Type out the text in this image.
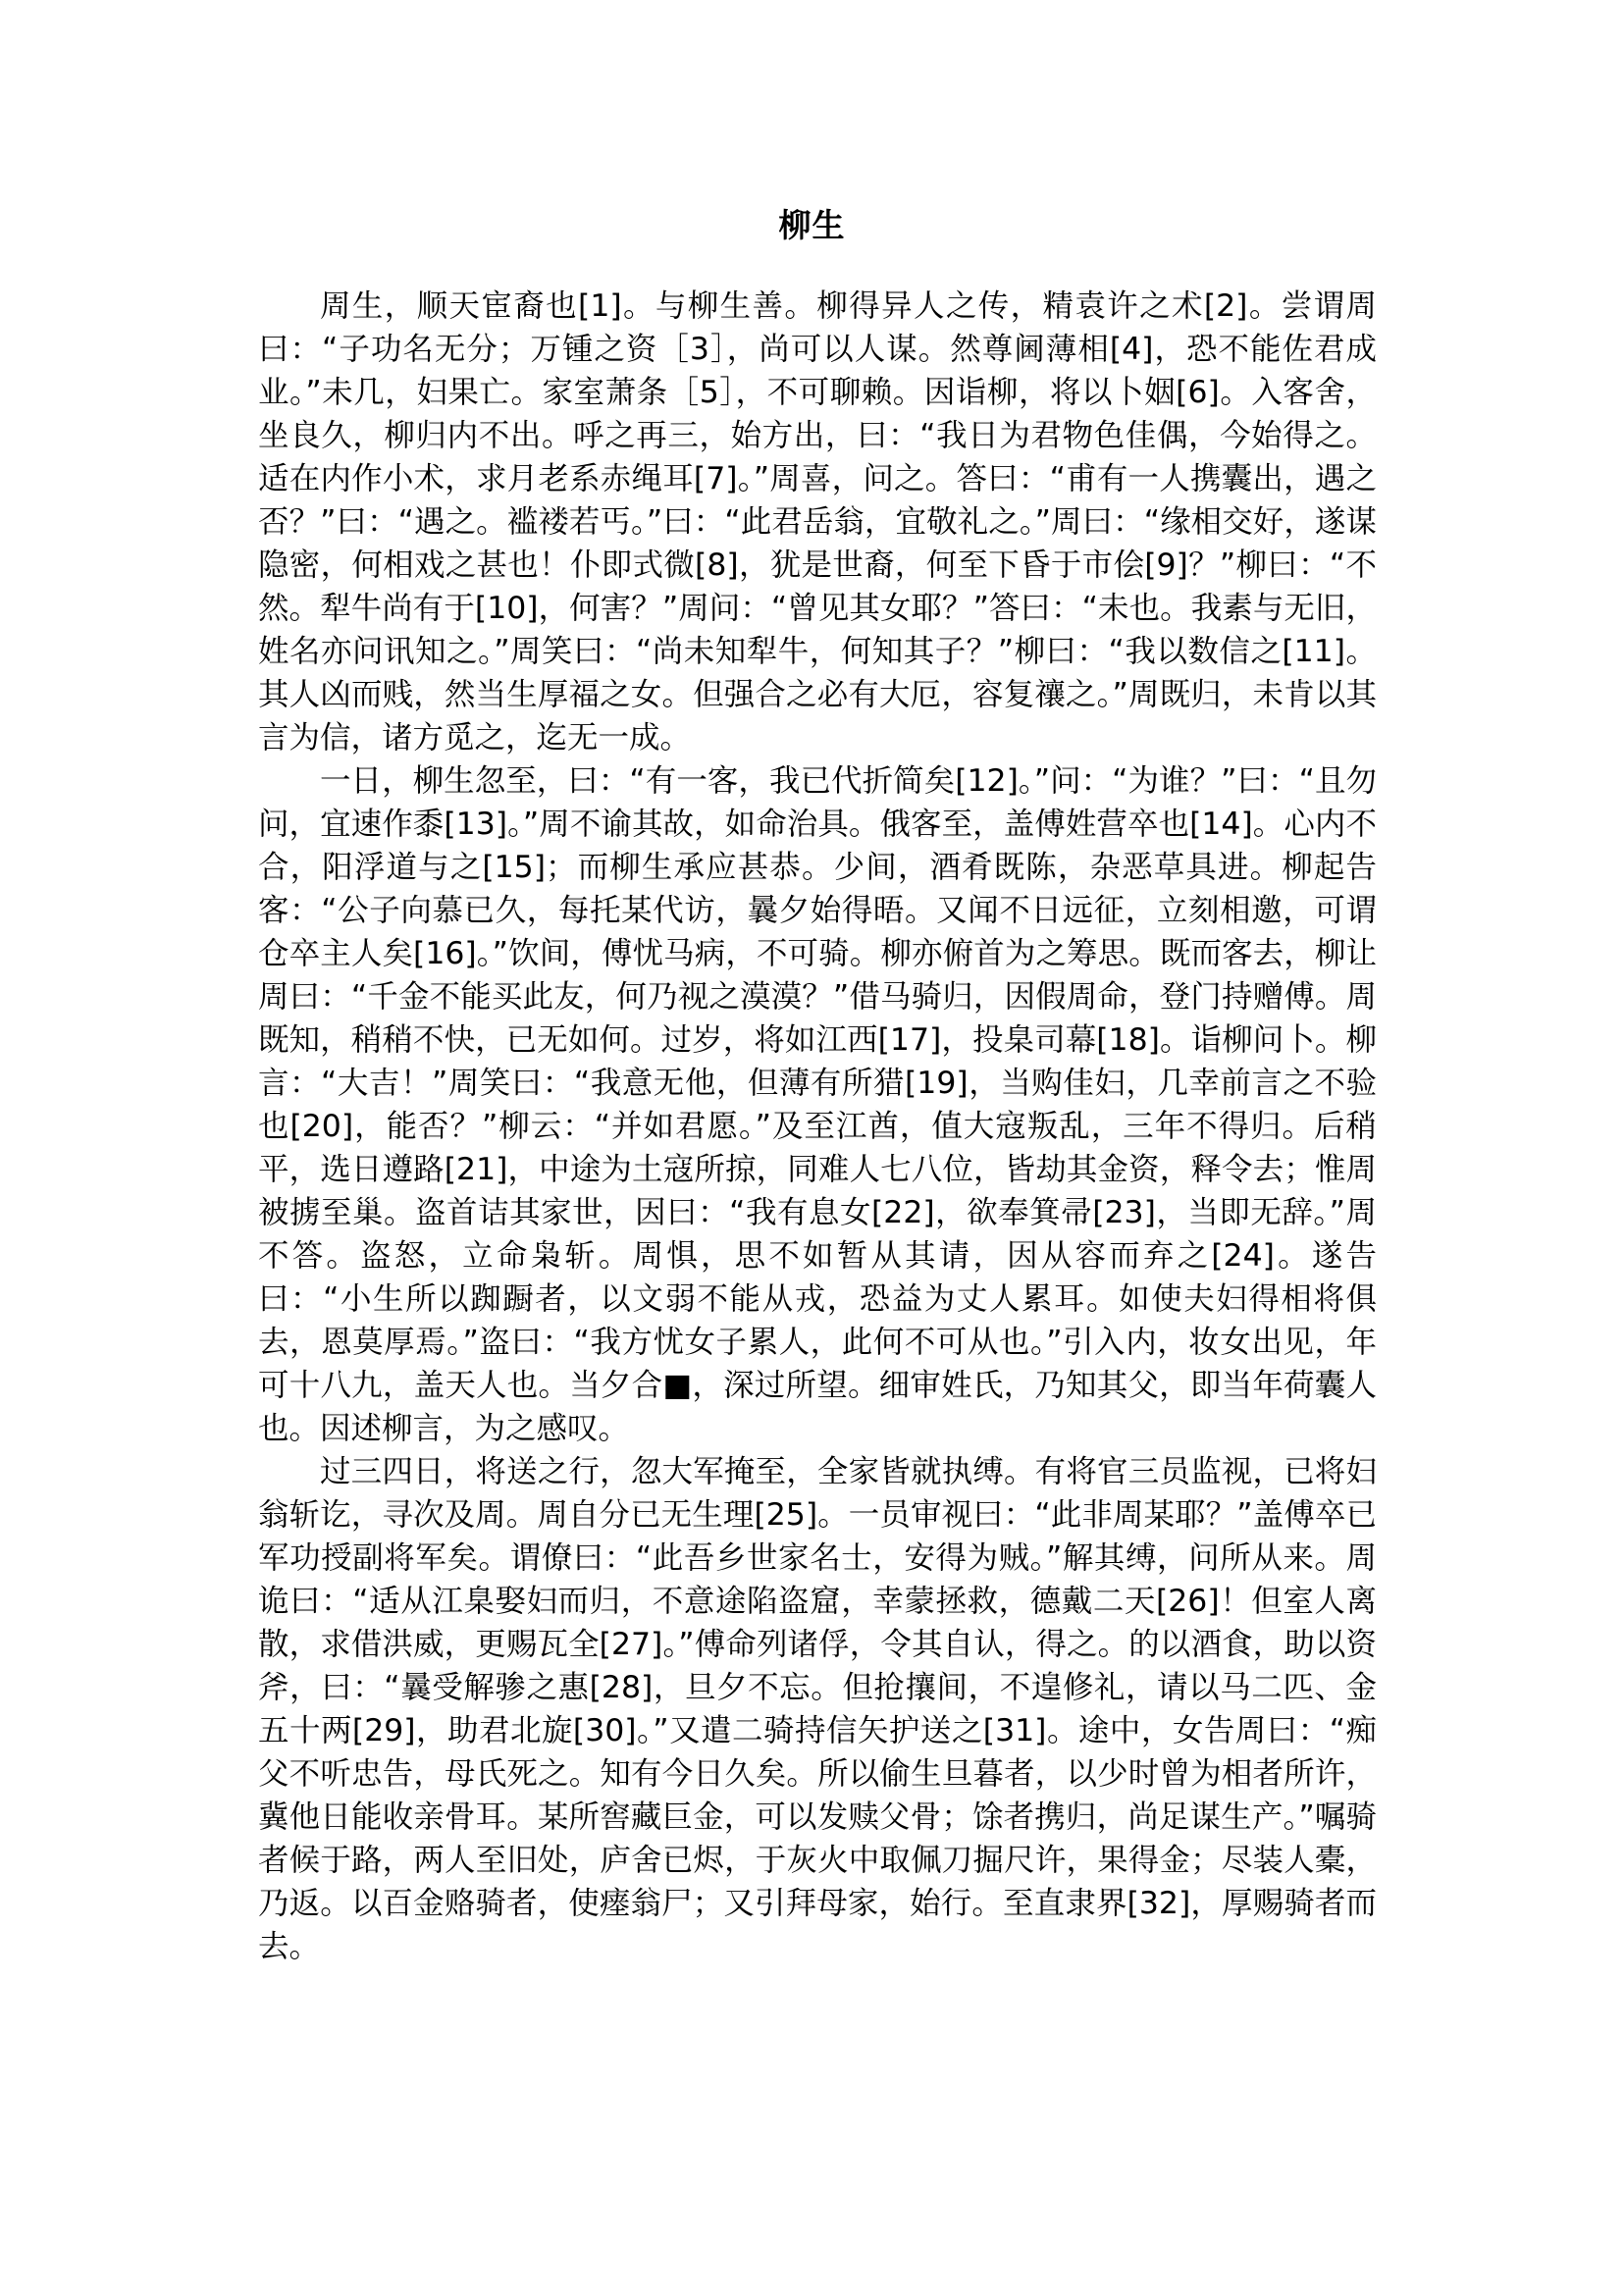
柳生

周生，顺天宦裔也[1]。与柳生善。柳得异人之传，精袁许之术[2]。尝谓周曰：“子功名无分；万锺之资［3］，尚可以人谋。然尊阃薄相[4]，恐不能佐君成业。”未几，妇果亡。家室萧条［5］，不可聊赖。因诣柳，将以卜姻[6]。入客舍，坐良久，柳归内不出。呼之再三，始方出，曰：“我日为君物色佳偶，今始得之。适在内作小术，求月老系赤绳耳[7]。”周喜，问之。答曰：“甫有一人携囊出，遇之否？”曰：“遇之。褴褛若丐。”曰：“此君岳翁，宜敬礼之。”周曰：“缘相交好，遂谋隐密，何相戏之甚也！仆即式微[8]，犹是世裔，何至下昏于市侩[9]？”柳曰：“不然。犁牛尚有于[10]，何害？”周问：“曾见其女耶？”答曰：“未也。我素与无旧，姓名亦问讯知之。”周笑曰：“尚未知犁牛，何知其子？”柳曰：“我以数信之[11]。其人凶而贱，然当生厚福之女。但强合之必有大厄，容复禳之。”周既归，未肯以其言为信，诸方觅之，迄无一成。

一日，柳生忽至，曰：“有一客，我已代折简矣[12]。”问：“为谁？”曰：“且勿问，宜速作黍[13]。”周不谕其故，如命治具。俄客至，盖傅姓营卒也[14]。心内不合，阳浮道与之[15]；而柳生承应甚恭。少间，酒肴既陈，杂恶草具进。柳起告客：“公子向慕已久，每托某代访，曩夕始得晤。又闻不日远征，立刻相邀，可谓仓卒主人矣[16]。”饮间，傅忧马病，不可骑。柳亦俯首为之筹思。既而客去，柳让周曰：“千金不能买此友，何乃视之漠漠？”借马骑归，因假周命，登门持赠傅。周既知，稍稍不快，已无如何。过岁，将如江西[17]，投臬司幕[18]。诣柳问卜。柳言：“大吉！”周笑曰：“我意无他，但薄有所猎[19]，当购佳妇，几幸前言之不验也[20]，能否？”柳云：“并如君愿。”及至江酋，值大寇叛乱，三年不得归。后稍平，选日遵路[21]，中途为土寇所掠，同难人七八位，皆劫其金资，释令去；惟周被掳至巢。盗首诘其家世，因曰：“我有息女[22]，欲奉箕帚[23]，当即无辞。”周不答。盗怒，立命枭斩。周惧，思不如暂从其请，因从容而弃之[24]。遂告曰：“小生所以踟蹰者，以文弱不能从戎，恐益为丈人累耳。如使夫妇得相将俱去，恩莫厚焉。”盗曰：“我方忧女子累人，此何不可从也。”引入内，妆女出见，年可十八九，盖天人也。当夕合■，深过所望。细审姓氏，乃知其父，即当年荷囊人也。因述柳言，为之感叹。

过三四日，将送之行，忽大军掩至，全家皆就执缚。有将官三员监视，已将妇翁斩讫，寻次及周。周自分已无生理[25]。一员审视曰：“此非周某耶？”盖傅卒已军功授副将军矣。谓僚曰：“此吾乡世家名士，安得为贼。”解其缚，问所从来。周诡曰：“适从江臬娶妇而归，不意途陷盗窟，幸蒙拯救，德戴二天[26]！但室人离散，求借洪威，更赐瓦全[27]。”傅命列诸俘，令其自认，得之。的以酒食，助以资斧，曰：“曩受解骖之惠[28]，旦夕不忘。但抢攘间，不遑修礼，请以马二匹、金五十两[29]，助君北旋[30]。”又遣二骑持信矢护送之[31]。途中，女告周曰：“痴父不听忠告，母氏死之。知有今日久矣。所以偷生旦暮者，以少时曾为相者所许，冀他日能收亲骨耳。某所窖藏巨金，可以发赎父骨；馀者携归，尚足谋生产。”嘱骑者候于路，两人至旧处，庐舍已烬，于灰火中取佩刀掘尺许，果得金；尽装人橐，乃返。以百金赂骑者，使瘗翁尸；又引拜母家，始行。至直隶界[32]，厚赐骑者而去。
